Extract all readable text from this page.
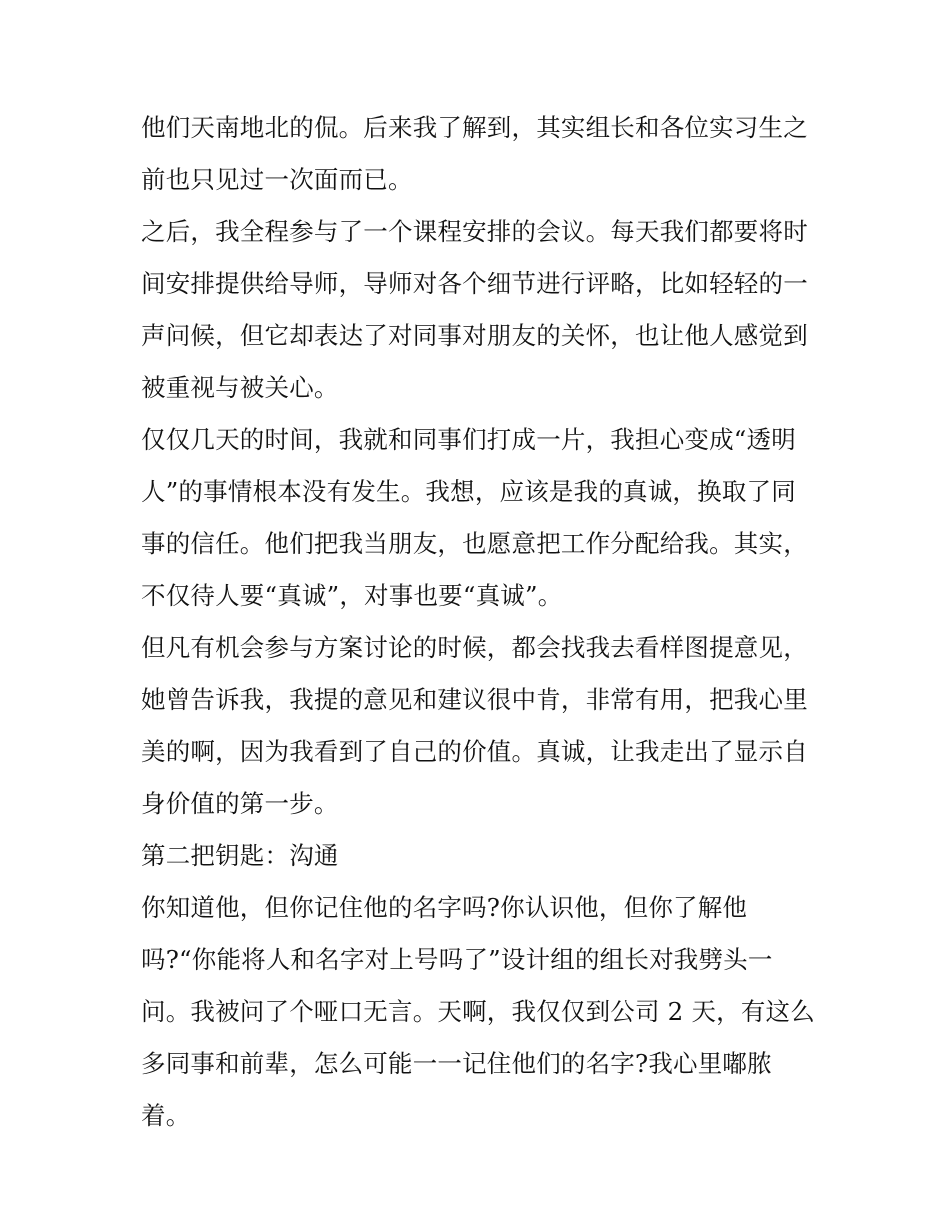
他们天南地北的侃。后来我了解到，其实组长和各位实习生之
前也只见过一次面而已。
之后，我全程参与了一个课程安排的会议。每天我们都要将时
间安排提供给导师，导师对各个细节进行评略，比如轻轻的一
声问候，但它却表达了对同事对朋友的关怀，也让他人感觉到
被重视与被关心。
仅仅几天的时间，我就和同事们打成一片，我担心变成“透明
人”的事情根本没有发生。我想，应该是我的真诚，换取了同
事的信任。他们把我当朋友，也愿意把工作分配给我。其实，
不仅待人要“真诚”，对事也要“真诚”。
但凡有机会参与方案讨论的时候，都会找我去看样图提意见，
她曾告诉我，我提的意见和建议很中肯，非常有用，把我心里
美的啊，因为我看到了自己的价值。真诚，让我走出了显示自
身价值的第一步。
第二把钥匙：沟通
你知道他，但你记住他的名字吗?你认识他，但你了解他
吗?“你能将人和名字对上号吗了”设计组的组长对我劈头一
问。我被问了个哑口无言。天啊，我仅仅到公司 2 天，有这么
多同事和前辈，怎么可能一一记住他们的名字?我心里嘟脓
着。
